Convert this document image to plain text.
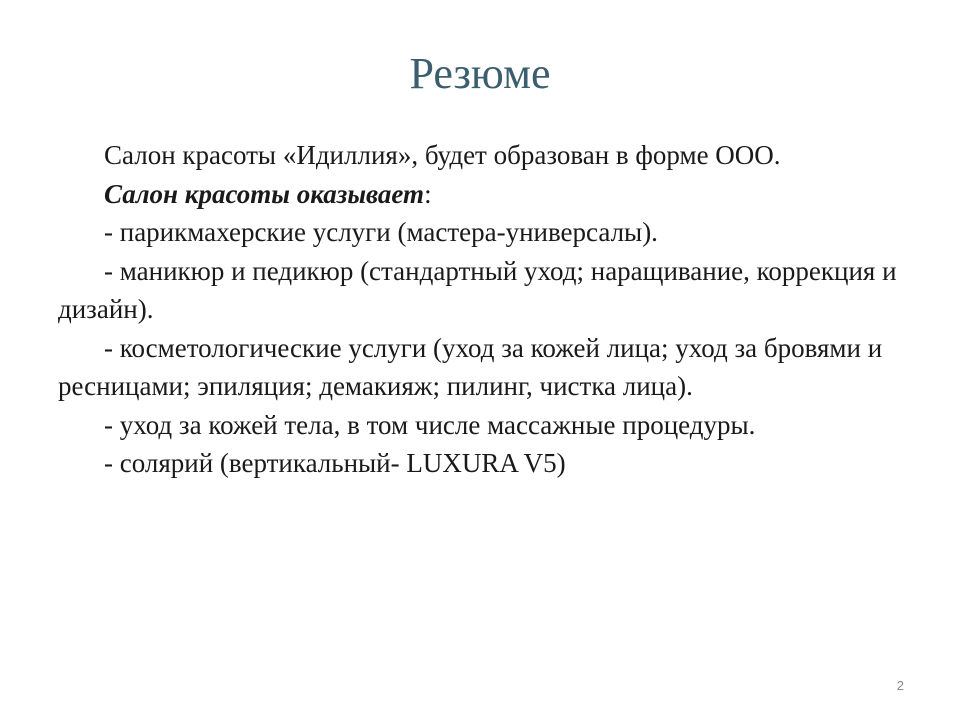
Резюме

Салон красоты «Идиллия», будет образован в форме ООО.

Салон красоты оказывает:

- парикмахерские услуги (мастера-универсалы).

- маникюр и педикюр (стандартный уход; наращивание, коррекция и дизайн).

- косметологические услуги (уход за кожей лица; уход за бровями и ресницами; эпиляция; демакияж; пилинг, чистка лица).

- уход за кожей тела, в том числе массажные процедуры.

- солярий (вертикальный- LUXURA V5)

2
